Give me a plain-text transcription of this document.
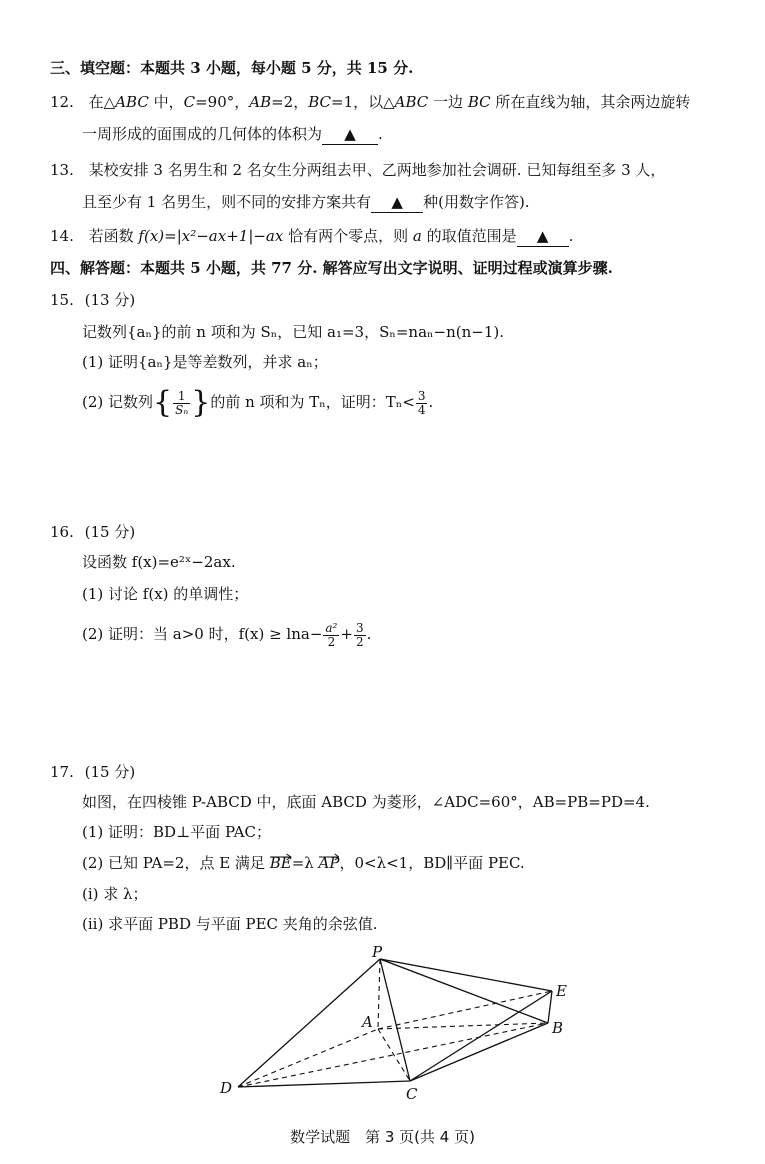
三、填空题：本题共 3 小题，每小题 5 分，共 15 分.
12. 在△ABC 中，C=90°，AB=2，BC=1，以△ABC 一边 BC 所在直线为轴，其余两边旋转
一周形成的面围成的几何体的体积为 ▲ .
13. 某校安排 3 名男生和 2 名女生分两组去甲、乙两地参加社会调研. 已知每组至多 3 人，
且至少有 1 名男生，则不同的安排方案共有 ▲ 种(用数字作答).
14. 若函数 f(x)=|x²−ax+1|−ax 恰有两个零点，则 a 的取值范围是 ▲ .
四、解答题：本题共 5 小题，共 77 分. 解答应写出文字说明、证明过程或演算步骤.
15. (13 分)
记数列{aₙ}的前 n 项和为 Sₙ，已知 a₁=3，Sₙ=naₙ−n(n−1).
(1) 证明{aₙ}是等差数列，并求 aₙ；
(2) 记数列{ $\frac{1}{\text{Sₙ}}$ }的前 n 项和为 Tₙ，证明：$T_n< \frac{3}{4}$ .
16. (15 分)
设函数 f(x)=e²ˣ−2ax.
(1) 讨论 f(x) 的单调性；
(2) 证明：当 a>0 时，$f(x) \ge \ln a- \frac{\text{a²}}{2} + \frac{3}{2}$ .
17. (15 分)
如图，在四棱锥 P-ABCD 中，底面 ABCD 为菱形，∠ADC=60°，AB=PB=PD=4.
(1) 证明：BD⊥平面 PAC；
(2) 已知 PA=2，点 E 满足
BE=λ
AP，0<λ<1，BD∥平面 PEC.
(i) 求 λ；
(ii) 求平面 PBD 与平面 PEC 夹角的余弦值.
P
E
A	B
D	C
数学试题　第 3 页(共 4 页)
